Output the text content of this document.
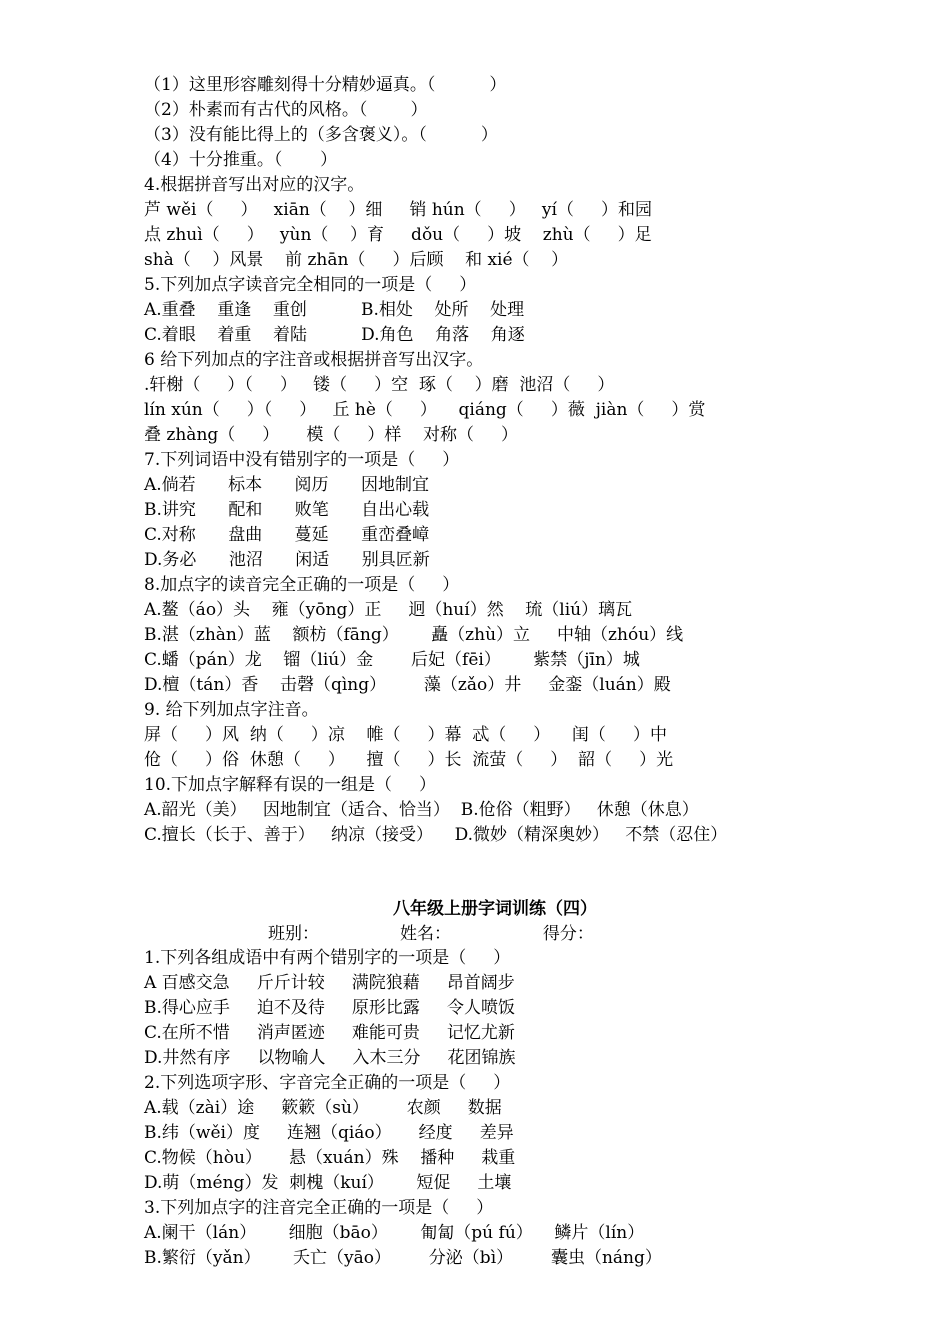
（1）这里形容雕刻得十分精妙逼真。（          ）
（2）朴素而有古代的风格。（        ）
（3）没有能比得上的（多含褒义）。（          ）
（4）十分推重。（       ）
4.根据拼音写出对应的汉字。
芦 wěi（     ）   xiān（    ）细     销 hún（     ）   yí（     ）和园
点 zhuì（     ）   yùn（    ）育     dǒu（     ）坡    zhù（     ）足
shà（    ）风景    前 zhān（     ）后顾    和 xié（    ）
5.下列加点字读音完全相同的一项是（     ）
A.重叠    重逢    重创          B.相处    处所    处理
C.着眼    着重    着陆          D.角色    角落    角逐
6 给下列加点的字注音或根据拼音写出汉字。
.轩榭（     ）（     ）   镂（     ）空  琢（    ）磨  池沼（     ）
lín xún（     ）（     ）   丘 hè（     ）    qiáng（     ）薇  jiàn（     ）赏
叠 zhàng（     ）     模（     ）样    对称（     ）
7.下列词语中没有错别字的一项是（     ）
A.倘若      标本      阅历      因地制宜
B.讲究      配和      败笔      自出心载
C.对称      盘曲      蔓延      重峦叠嶂
D.务必      池沼      闲适      别具匠新
8.加点字的读音完全正确的一项是（     ）
A.鳌（áo）头    雍（yōng）正     迥（huí）然    琉（liú）璃瓦
B.湛（zhàn）蓝    额枋（fāng）      矗（zhù）立     中轴（zhóu）线
C.蟠（pán）龙    镏（liú）金       后妃（fēi）      紫禁（jīn）城
D.檀（tán）香    击磬（qìng）       藻（zǎo）井     金銮（luán）殿
9. 给下列加点字注音。
屏（     ）风  纳（     ）凉    帷（     ）幕  忒（     ）    闺（     ）中
伧（     ）俗  休憩（     ）    擅（     ）长  流萤（     ）  韶（     ）光
10.下加点字解释有误的一组是（     ）
A.韶光（美）   因地制宜（适合、恰当）  B.伧俗（粗野）   休憩（休息）
C.擅长（长于、善于）   纳凉（接受）    D.微妙（精深奥妙）   不禁（忍住）
八年级上册字词训练（四）
班别：               姓名：                 得分：
1.下列各组成语中有两个错别字的一项是（     ）
A 百感交急     斤斤计较     满院狼藉     昂首阔步
B.得心应手     迫不及待     原形比露     令人喷饭
C.在所不惜     消声匿迹     难能可贵     记忆尤新
D.井然有序     以物喻人     入木三分     花团锦族
2.下列选项字形、字音完全正确的一项是（     ）
A.载（zài）途     簌簌（sù）       农颜     数据
B.纬（wěi）度     连翘（qiáo）     经度     差异
C.物候（hòu）     悬（xuán）殊    播种     栽重
D.萌（méng）发  刺槐（kuí）      短促     土壤
3.下列加点字的注音完全正确的一项是（     ）
A.阑干（lán）      细胞（bāo）      匍匐（pú fú）    鳞片（lín）
B.繁衍（yǎn）      夭亡（yāo）       分泌（bì）       囊虫（náng）
